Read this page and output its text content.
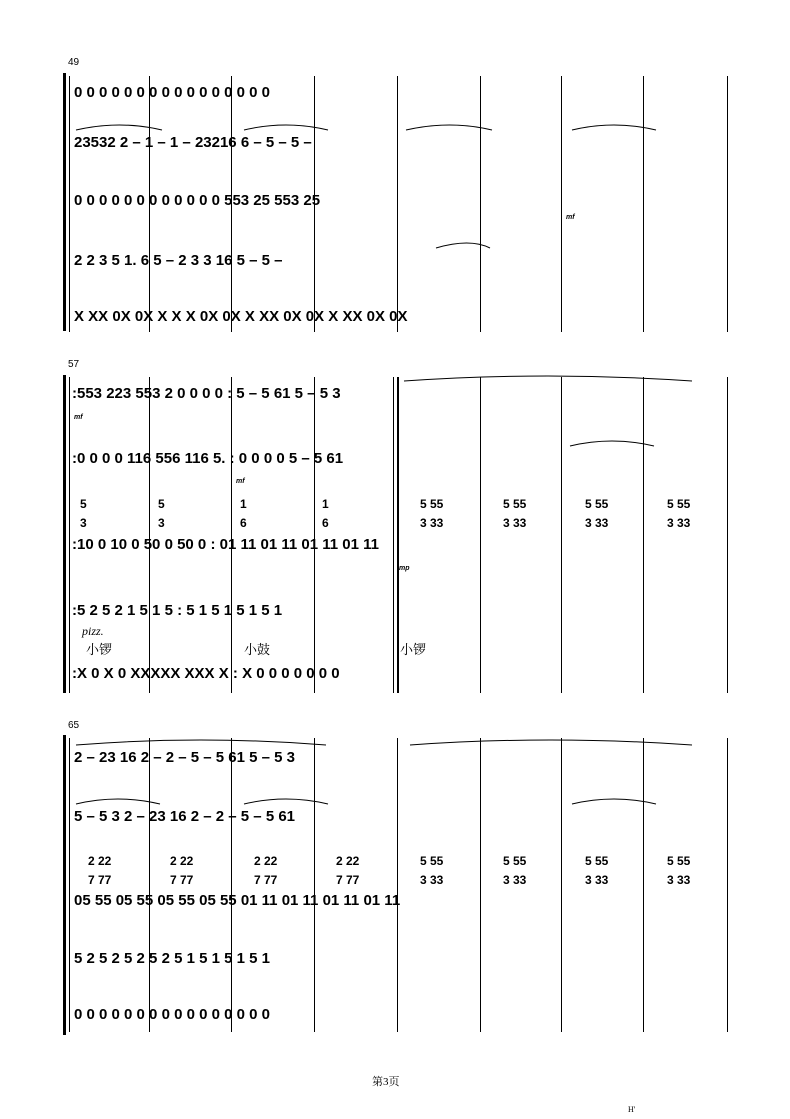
49
0 0 0 0 0 0 0 0 0 0 0 0 0 0 0 0
23532 2 – 1 – 1 – 23216 6 – 5 – 5 –
0 0 0 0 0 0 0 0 0 0 0 0 553 25 553 25
2 2 3 5 1. 6 5 – 2 3 3 16 5 – 5 –
X XX 0X 0X X X X 0X 0X X XX 0X 0X X XX 0X 0X
mf
57
:553 223 553 2 0 0 0 0 : 5 – 5 61 5 – 5 3
:0 0 0 0 116 556 116 5. : 0 0 0 0 5 – 5 61
5	5	1	1	5 55	5 55	5 55	5 55
3	3	6	6	3 33	3 33	3 33	3 33
:10 0 10 0 50 0 50 0 : 01 11 01 11 01 11 01 11
:5 2 5 2 1 5 1 5 : 5 1 5 1 5 1 5 1
:X 0 X 0 XXXXX XXX X : X 0 0 0 0 0 0 0
mf
mf
mp
pizz.
小锣	小鼓	小锣
65
2 – 23 16 2 – 2 – 5 – 5 61 5 – 5 3
5 – 5 3 2 – 23 16 2 – 2 – 5 – 5 61
2 22	2 22	2 22	2 22	5 55	5 55	5 55	5 55
7 77	7 77	7 77	7 77	3 33	3 33	3 33	3 33
05 55 05 55 05 55 05 55 01 11 01 11 01 11 01 11
5 2 5 2 5 2 5 2 5 1 5 1 5 1 5 1
0 0 0 0 0 0 0 0 0 0 0 0 0 0 0 0
第3页
H'
